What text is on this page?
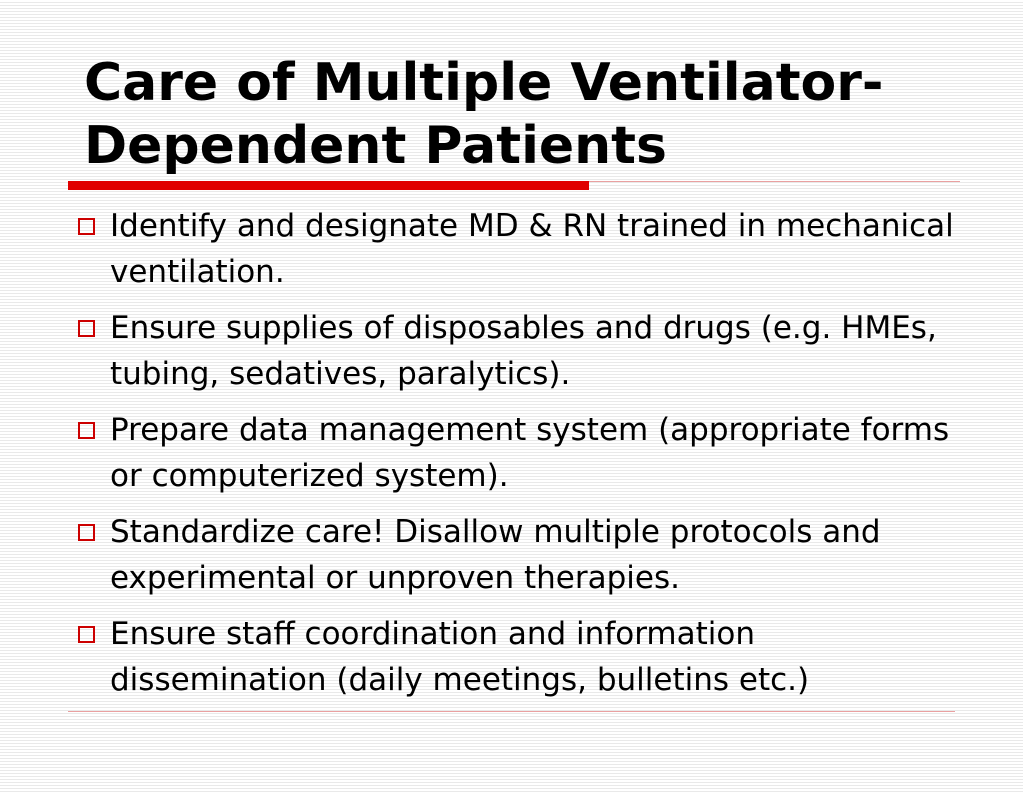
Care of Multiple Ventilator-
Dependent Patients
Identify and designate MD & RN trained in mechanical ventilation.
Ensure supplies of disposables and drugs (e.g. HMEs, tubing, sedatives, paralytics).
Prepare data management system (appropriate forms or computerized system).
Standardize care! Disallow multiple protocols and experimental or unproven therapies.
Ensure staff coordination and information dissemination (daily meetings, bulletins etc.)
